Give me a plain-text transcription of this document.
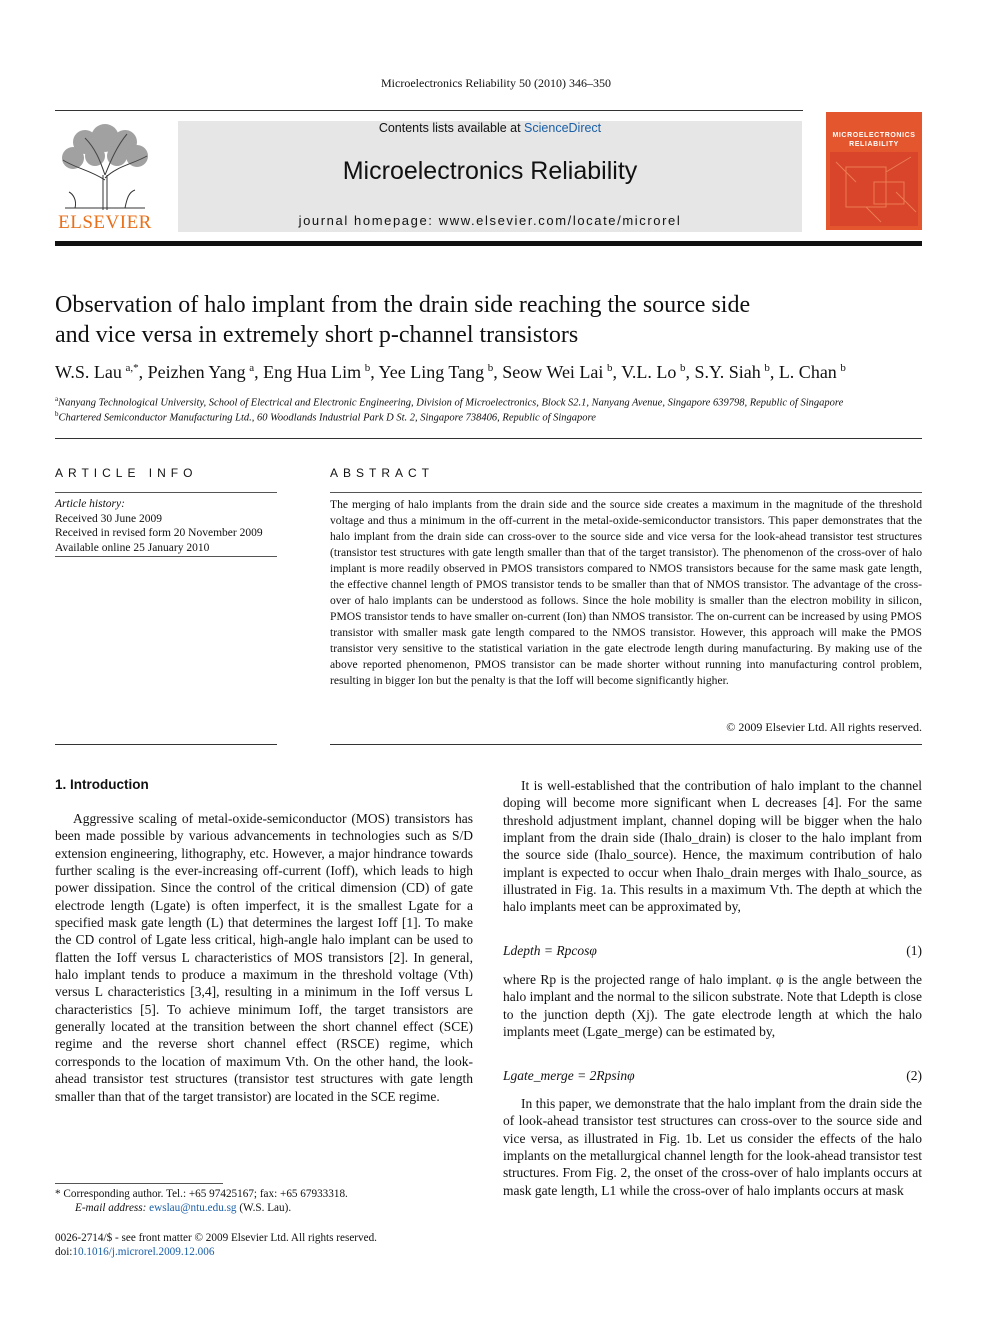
Microelectronics Reliability 50 (2010) 346–350
ELSEVIER
Contents lists available at ScienceDirect
Microelectronics Reliability
journal homepage: www.elsevier.com/locate/microrel
MICROELECTRONICS
RELIABILITY
Observation of halo implant from the drain side reaching the source side
and vice versa in extremely short p-channel transistors
W.S. Lau  $^{a,*}$, Peizhen Yang  $^a$, Eng Hua Lim  $^b$, Yee Ling Tang  $^b$, Seow Wei Lai  $^b$, V.L. Lo  $^b$, S.Y. Siah  $^b$, L. Chan  $^b$
$^a$Nanyang Technological University, School of Electrical and Electronic Engineering, Division of Microelectronics, Block S2.1, Nanyang Avenue, Singapore 639798, Republic of Singapore
$^b$Chartered Semiconductor Manufacturing Ltd., 60 Woodlands Industrial Park D St. 2, Singapore 738406, Republic of Singapore
ARTICLE INFO
Article history:
Received 30 June 2009
Received in revised form 20 November 2009
Available online 25 January 2010
ABSTRACT
The merging of halo implants from the drain side and the source side creates a maximum in the magnitude of the threshold voltage and thus a minimum in the off-current in the metal-oxide-semiconductor transistors. This paper demonstrates that the halo implant from the drain side can cross-over to the source side and vice versa for the look-ahead transistor test structures (transistor test structures with gate length smaller than that of the target transistor). The phenomenon of the cross-over of halo implant is more readily observed in PMOS transistors compared to NMOS transistors because for the same mask gate length, the effective channel length of PMOS transistor tends to be smaller than that of NMOS transistor. The advantage of the cross-over of halo implants can be understood as follows. Since the hole mobility is smaller than the electron mobility in silicon, PMOS transistor tends to have smaller on-current (Ion) than NMOS transistor. The on-current can be increased by using PMOS transistor with smaller mask gate length compared to the NMOS transistor. However, this approach will make the PMOS transistor very sensitive to the statistical variation in the gate electrode length during manufacturing. By making use of the above reported phenomenon, PMOS transistor can be made shorter without running into manufacturing control problem, resulting in bigger Ion but the penalty is that the Ioff will become significantly higher.
© 2009 Elsevier Ltd. All rights reserved.
1. Introduction
Aggressive scaling of metal-oxide-semiconductor (MOS) transistors has been made possible by various advancements in technologies such as S/D extension engineering, lithography, etc. However, a major hindrance towards further scaling is the ever-increasing off-current (Ioff), which leads to high power dissipation. Since the control of the critical dimension (CD) of gate electrode length (Lgate) is often imperfect, it is the smallest Lgate for a specified mask gate length (L) that determines the largest Ioff [1]. To make the CD control of Lgate less critical, high-angle halo implant can be used to flatten the Ioff versus L characteristics of MOS transistors [2]. In general, halo implant tends to produce a maximum in the threshold voltage (Vth) versus L characteristics [3,4], resulting in a minimum in the Ioff versus L characteristics [5]. To achieve minimum Ioff, the target transistors are generally located at the transition between the short channel effect (SCE) regime and the reverse short channel effect (RSCE) regime, which corresponds to the location of maximum Vth. On the other hand, the look-ahead transistor test structures (transistor test structures with gate length smaller than that of the target transistor) are located in the SCE regime.
It is well-established that the contribution of halo implant to the channel doping will become more significant when L decreases [4]. For the same threshold adjustment implant, channel doping will be bigger when the halo implant from the drain side (Ihalo_drain) is closer to the halo implant from the source side (Ihalo_source). Hence, the maximum contribution of halo implant is expected to occur when Ihalo_drain merges with Ihalo_source, as illustrated in Fig. 1a. This results in a maximum Vth. The depth at which the halo implants meet can be approximated by,
Ldepth = Rpcosφ	(1)
where Rp is the projected range of halo implant. φ is the angle between the halo implant and the normal to the silicon substrate. Note that Ldepth is close to the junction depth (Xj). The gate electrode length at which the halo implants meet (Lgate_merge) can be estimated by,
Lgate_merge = 2Rpsinφ	(2)
In this paper, we demonstrate that the halo implant from the drain side the of look-ahead transistor test structures can cross-over to the source side and vice versa, as illustrated in Fig. 1b. Let us consider the effects of the halo implants on the metallurgical channel length for the look-ahead transistor test structures. From Fig. 2, the onset of the cross-over of halo implants occurs at mask gate length, L1 while the cross-over of halo implants occurs at mask
* Corresponding author. Tel.: +65 97425167; fax: +65 67933318.
E-mail address: ewslau@ntu.edu.sg (W.S. Lau).
0026-2714/$ - see front matter © 2009 Elsevier Ltd. All rights reserved.
doi:10.1016/j.microrel.2009.12.006
